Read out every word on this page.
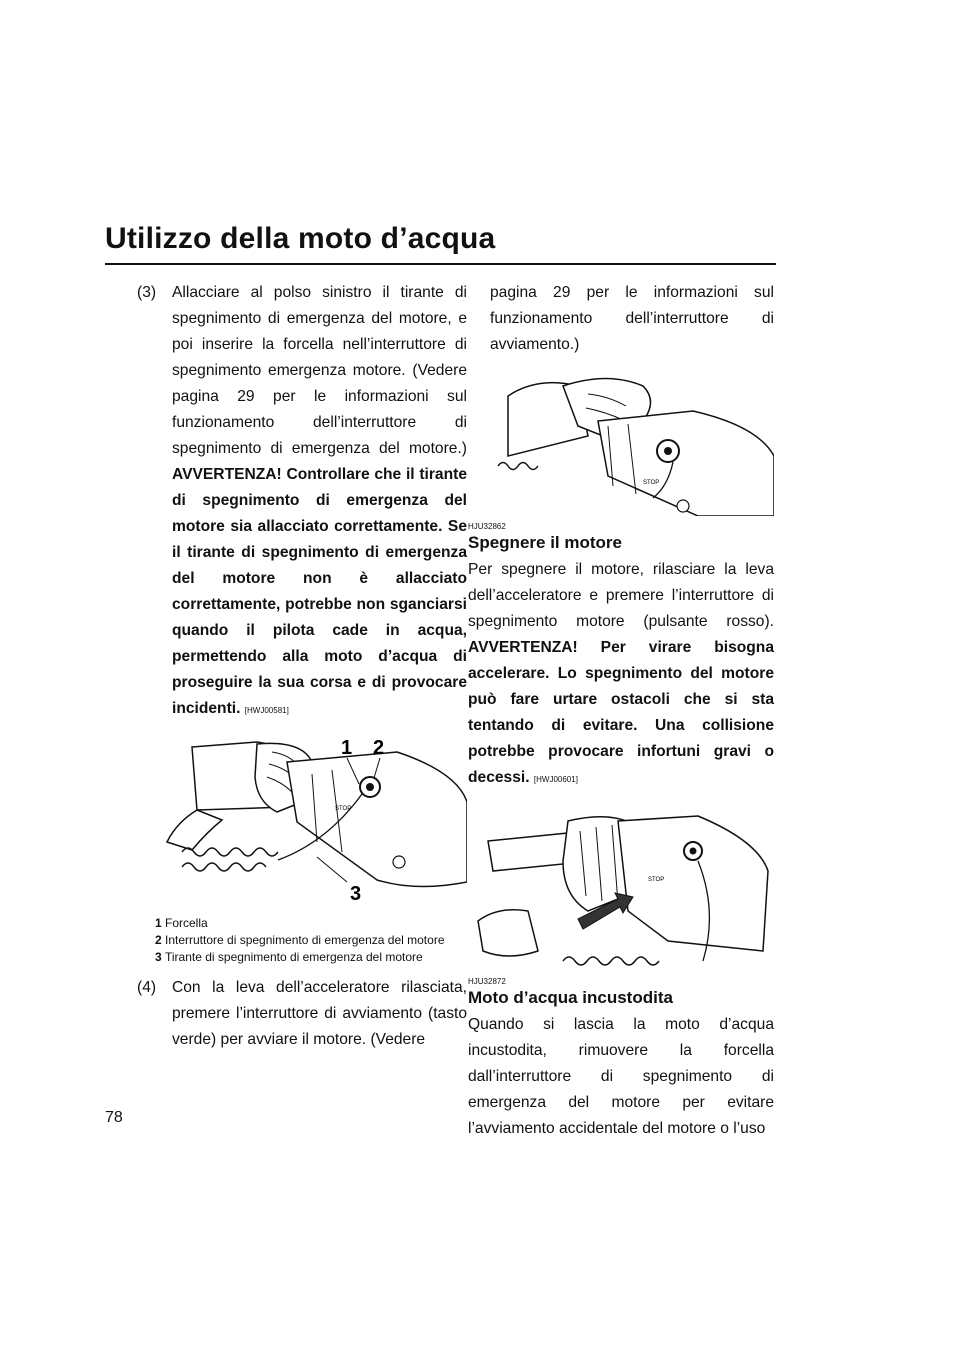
Utilizzo della moto d’acqua

(3) Allacciare al polso sinistro il tirante di spegnimento di emergenza del motore, e poi inserire la forcella nell’interruttore di spegnimento emergenza motore. (Vedere pagina 29 per le informazioni sul funzionamento dell’interruttore di spegnimento di emergenza del motore.) AVVERTENZA! Controllare che il tirante di spegnimento di emergenza del motore sia allacciato correttamente. Se il tirante di spegnimento di emergenza del motore non è allacciato correttamente, potrebbe non sganciarsi quando il pilota cade in acqua, permettendo alla moto d’acqua di proseguire la sua corsa e di provocare incidenti. [HWJ00581]

STOP
1 2
3
1 Forcella
2 Interruttore di spegnimento di emergenza del motore
3 Tirante di spegnimento di emergenza del motore

(4) Con la leva dell’acceleratore rilasciata, premere l’interruttore di avviamento (tasto verde) per avviare il motore. (Vedere

pagina 29 per le informazioni sul funzionamento dell’interruttore di avviamento.)

STOP
HJU32862
Spegnere il motore

Per spegnere il motore, rilasciare la leva dell’acceleratore e premere l’interruttore di spegnimento motore (pulsante rosso). AVVERTENZA! Per virare bisogna accelerare. Lo spegnimento del motore può fare urtare ostacoli che si sta tentando di evitare. Una collisione potrebbe provocare infortuni gravi o decessi. [HWJ00601]

STOP
HJU32872
Moto d’acqua incustodita

Quando si lascia la moto d’acqua incustodita, rimuovere la forcella dall’interruttore di spegnimento di emergenza del motore per evitare l’avviamento accidentale del motore o l’uso

78
